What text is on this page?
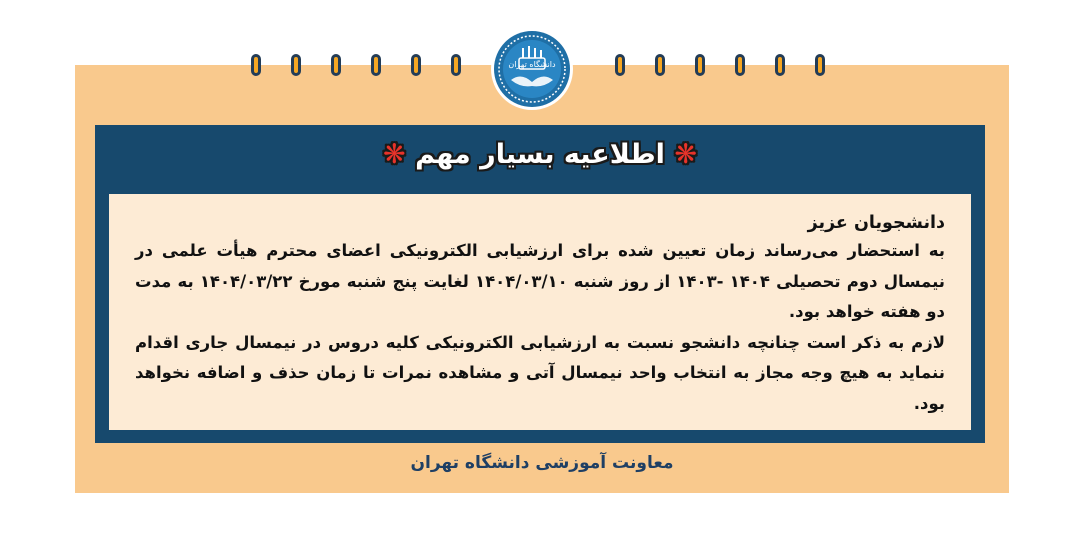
دانشگاه تهران
❋ اطلاعیه بسیار مهم ❋

دانشجویان عزیز

به استحضار می‌رساند زمان تعیین شده برای ارزشیابی الکترونیکی اعضای محترم هیأت علمی در نیمسال دوم تحصیلی ۱۴۰۴ -۱۴۰۳ از روز شنبه ۱۴۰۴/۰۳/۱۰ لغایت پنج شنبه مورخ ۱۴۰۴/۰۳/۲۲ به مدت دو هفته خواهد بود.

لازم به ذکر است چنانچه دانشجو نسبت به ارزشیابی الکترونیکی کلیه دروس در نیمسال جاری اقدام ننماید به هیچ وجه مجاز به انتخاب واحد نیمسال آتی و مشاهده نمرات تا زمان حذف و اضافه نخواهد بود.

معاونت آموزشی دانشگاه تهران
